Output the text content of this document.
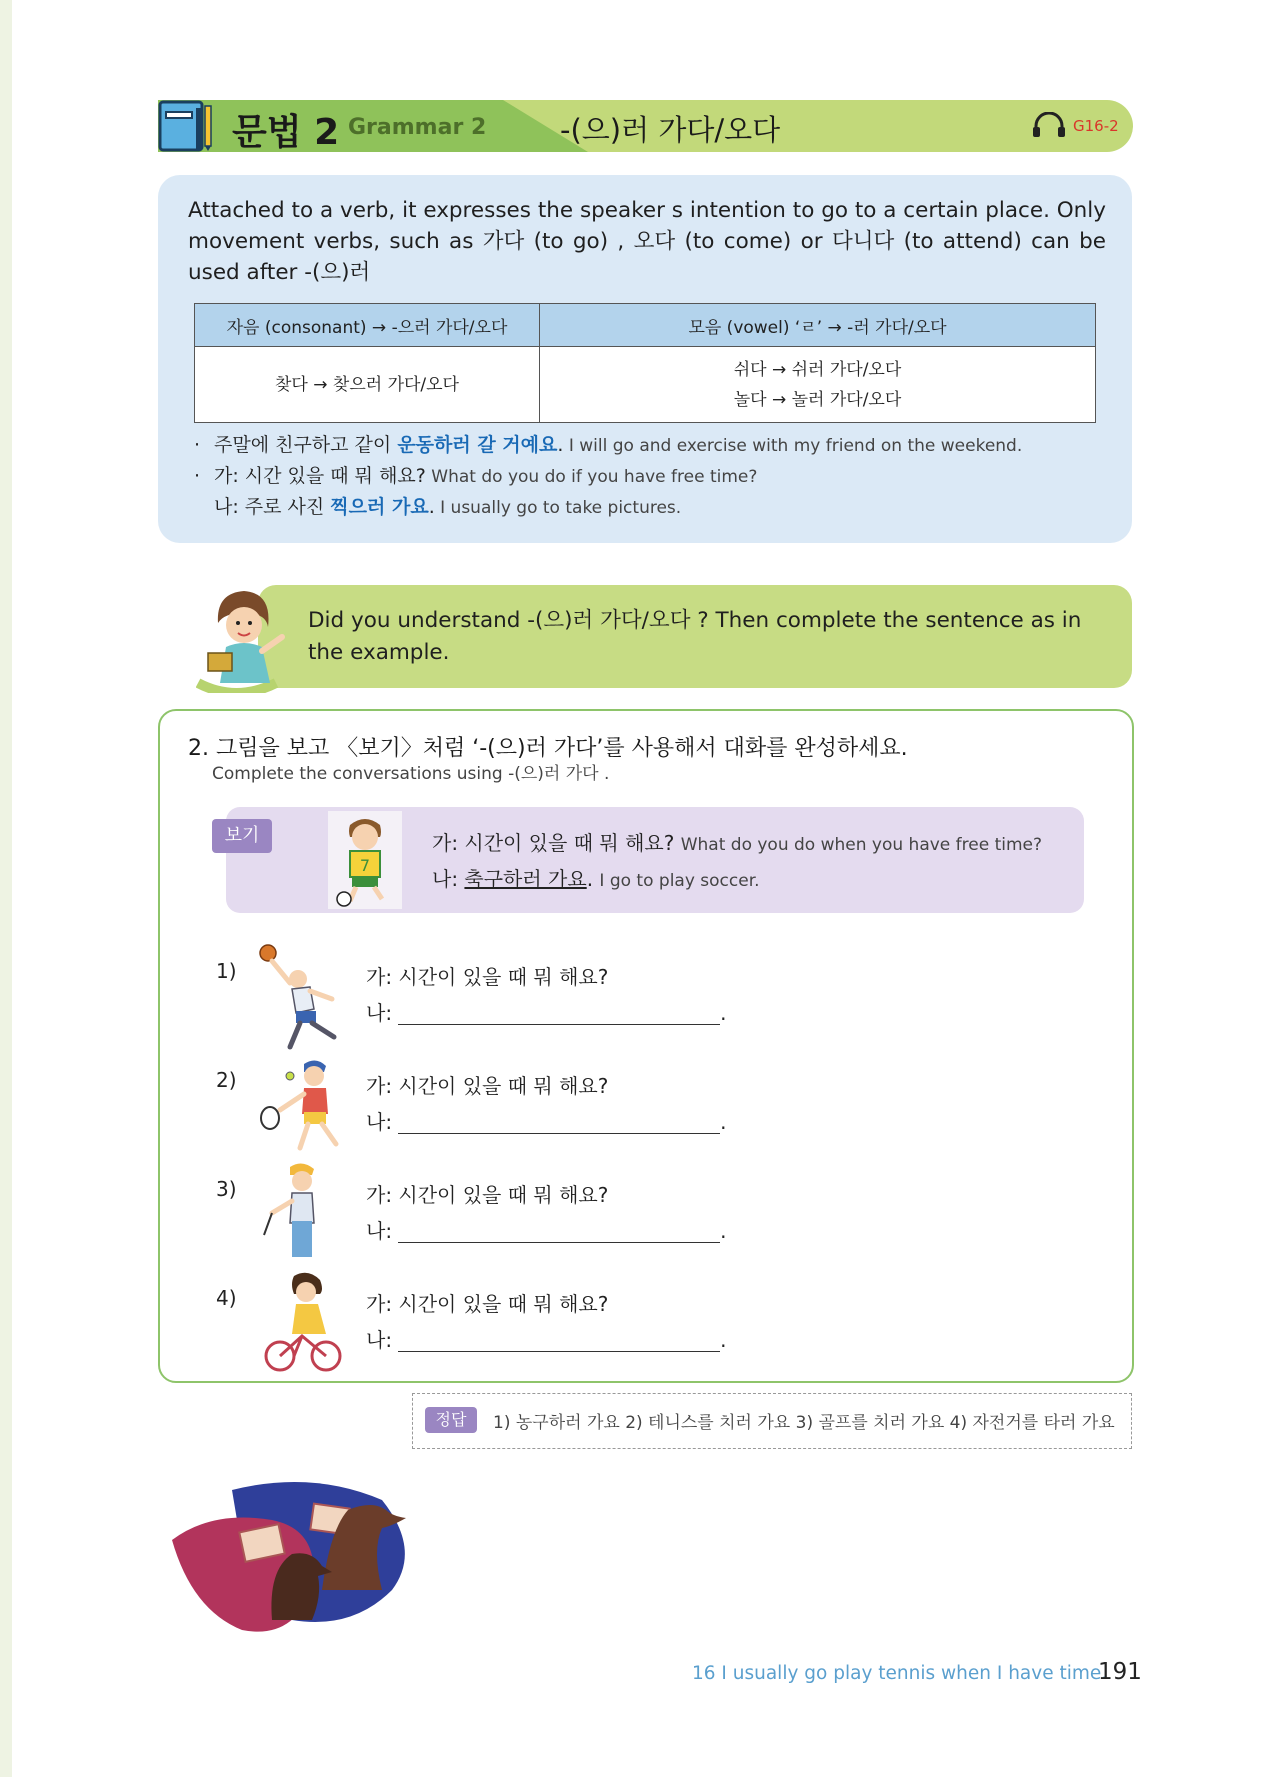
문법 2 Grammar 2	-(으)러 가다/오다	G16-2
Attached to a verb, it expresses the speaker s intention to go to a certain place. Only movement verbs, such as 가다 (to go) , 오다 (to come) or 다니다 (to attend) can be used after -(으)러
자음 (consonant) → -으러 가다/오다	모음 (vowel) ‘ㄹ’ → -러 가다/오다
찾다 → 찾으러 가다/오다	쉬다 → 쉬러 가다/오다
놀다 → 놀러 가다/오다
· 주말에 친구하고 같이 운동하러 갈 거예요. I will go and exercise with my friend on the weekend.
· 가: 시간 있을 때 뭐 해요? What do you do if you have free time?
나: 주로 사진 찍으러 가요. I usually go to take pictures.
Did you understand -(으)러 가다/오다 ? Then complete the sentence as in the example.
2. 그림을 보고 〈보기〉처럼 ‘-(으)러 가다’를 사용해서 대화를 완성하세요.
Complete the conversations using -(으)러 가다 .
보기
7
가: 시간이 있을 때 뭐 해요? What do you do when you have free time?
나: 축구하러 가요. I go to play soccer.
1)	가: 시간이 있을 때 뭐 해요?
나:	.
2)	가: 시간이 있을 때 뭐 해요?
나:	.
3)	가: 시간이 있을 때 뭐 해요?
나:	.
4)	가: 시간이 있을 때 뭐 해요?
나:	.
정답	1) 농구하러 가요 2) 테니스를 치러 가요 3) 골프를 치러 가요 4) 자전거를 타러 가요
16 I usually go play tennis when I have time.
191
